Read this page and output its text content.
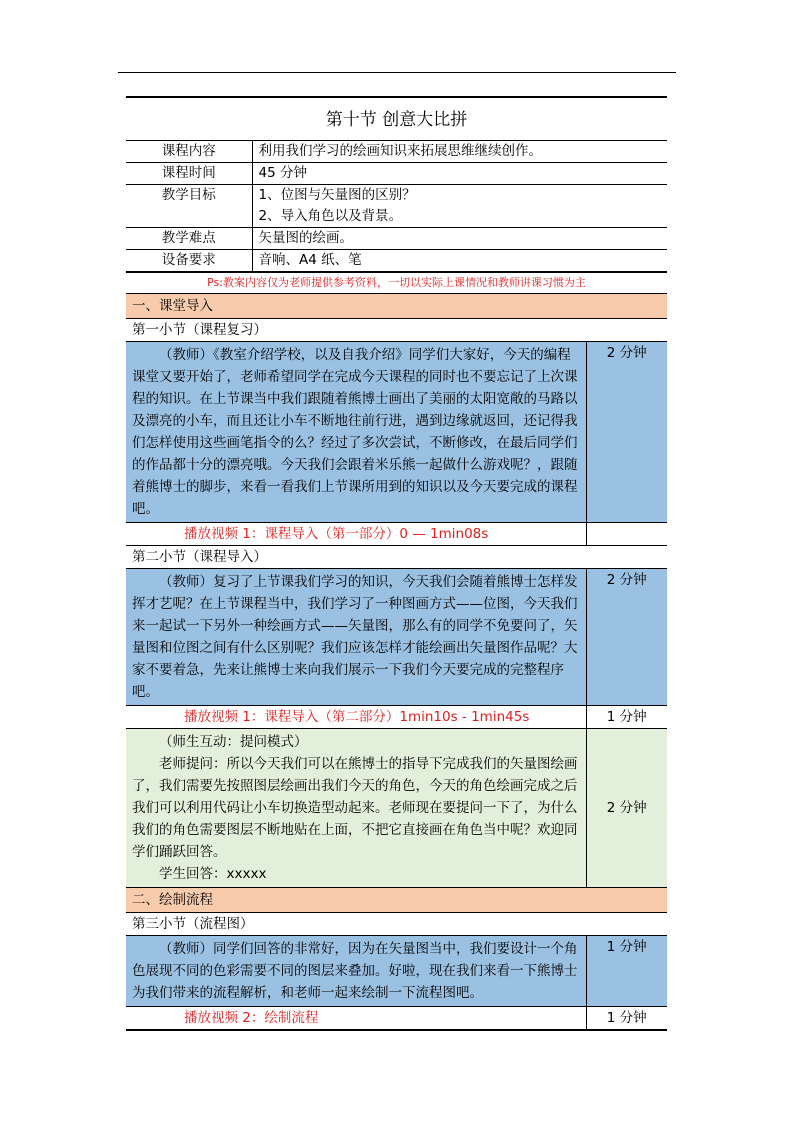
第十节 创意大比拼
课程内容	利用我们学习的绘画知识来拓展思维继续创作。
课程时间	45 分钟
教学目标	1、位图与矢量图的区别？
2、导入角色以及背景。

教学难点	矢量图的绘画。
设备要求	音响、A4 纸、笔
Ps:教案内容仅为老师提供参考资料，一切以实际上课情况和教师讲课习惯为主
一、课堂导入	
第一小节（课程复习）	
（教师）《教室介绍学校，以及自我介绍》同学们大家好，今天的编程课堂又要开始了，老师希望同学在完成今天课程的同时也不要忘记了上次课程的知识。在上节课当中我们跟随着熊博士画出了美丽的太阳宽敞的马路以及漂亮的小车，而且还让小车不断地往前行进，遇到边缘就返回，还记得我们怎样使用这些画笔指令的么？经过了多次尝试，不断修改，在最后同学们的作品都十分的漂亮哦。今天我们会跟着米乐熊一起做什么游戏呢？，跟随着熊博士的脚步，来看一看我们上节课所用到的知识以及今天要完成的课程吧。	2 分钟
播放视频 1：课程导入（第一部分）0 — 1min08s	
第二小节（课程导入）	
（教师）复习了上节课我们学习的知识，今天我们会随着熊博士怎样发挥才艺呢？在上节课程当中，我们学习了一种图画方式——位图，今天我们来一起试一下另外一种绘画方式——矢量图，那么有的同学不免要问了，矢量图和位图之间有什么区别呢？我们应该怎样才能绘画出矢量图作品呢？大家不要着急，先来让熊博士来向我们展示一下我们今天要完成的完整程序吧。	2 分钟
播放视频 1：课程导入（第二部分）1min10s - 1min45s	1 分钟

（师生互动：提问模式）
老师提问：所以今天我们可以在熊博士的指导下完成我们的矢量图绘画了，我们需要先按照图层绘画出我们今天的角色，今天的角色绘画完成之后我们可以利用代码让小车切换造型动起来。老师现在要提问一下了，为什么我们的角色需要图层不断地贴在上面，不把它直接画在角色当中呢？欢迎同学们踊跃回答。
学生回答：xxxxx	2 分钟
二、绘制流程	
第三小节（流程图）	
（教师）同学们回答的非常好，因为在矢量图当中，我们要设计一个角色展现不同的色彩需要不同的图层来叠加。好啦，现在我们来看一下熊博士为我们带来的流程解析，和老师一起来绘制一下流程图吧。	1 分钟
播放视频 2：绘制流程	1 分钟
